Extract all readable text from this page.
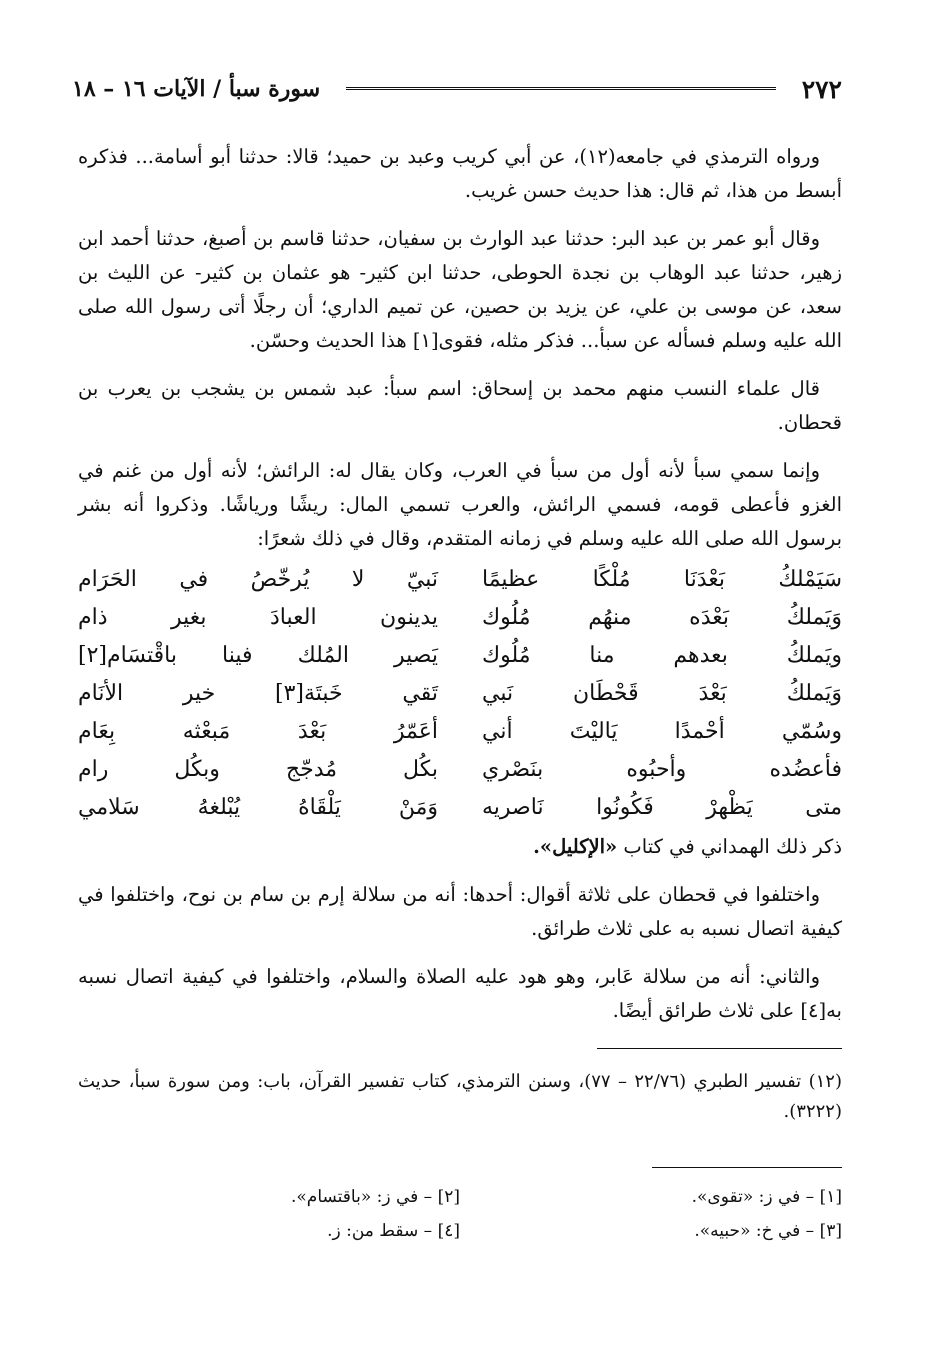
٢٧٢
سورة سبأ / الآيات ١٦ – ١٨

ورواه الترمذي في جامعه(١٢)، عن أبي كريب وعبد بن حميد؛ قالا: حدثنا أبو أسامة... فذكره أبسط من هذا، ثم قال: هذا حديث حسن غريب.

وقال أبو عمر بن عبد البر: حدثنا عبد الوارث بن سفيان، حدثنا قاسم بن أصبغ، حدثنا أحمد ابن زهير، حدثنا عبد الوهاب بن نجدة الحوطى، حدثنا ابن كثير- هو عثمان بن كثير- عن الليث بن سعد، عن موسى بن علي، عن يزيد بن حصين، عن تميم الداري؛ أن رجلًا أتى رسول الله صلى الله عليه وسلم فسأله عن سبأ... فذكر مثله، فقوى[١] هذا الحديث وحسّن.

قال علماء النسب منهم محمد بن إسحاق: اسم سبأ: عبد شمس بن يشجب بن يعرب بن قحطان.

وإنما سمي سبأ لأنه أول من سبأ في العرب، وكان يقال له: الرائش؛ لأنه أول من غنم في الغزو فأعطى قومه، فسمي الرائش، والعرب تسمي المال: ريشًا ورياشًا. وذكروا أنه بشر برسول الله صلى الله عليه وسلم في زمانه المتقدم، وقال في ذلك شعرًا:

سَيَمْلكُ بَعْدَنَا مُلْكًا عظيمًا
نَبيّ لا يُرخّصُ في الحَرَام
وَيَملكُ بَعْدَه منهُم مُلُوك
يدينون العبادَ بغير ذام
ويَملكُ بعدهم منا مُلُوك
يَصير المُلك فينا باقْتسَام[٢]
وَيَملكُ بَعْدَ قَحْطَان نَبي
تَقي خَبتَة[٣] خير الأنَام
وسُمّي أحْمدًا يَاليْتَ أني
أعَمّرُ بَعْدَ مَبعْثه بِعَام
فأعضُده وأحبُوه بنَصْري
بكُل مُدجّج وبكُل رام
متى يَظْهرْ فَكُونُوا نَاصريه
وَمَنْ يَلْقَاهُ يُبْلغهُ سَلامي

ذكر ذلك الهمداني في كتاب «الإكليل».

واختلفوا في قحطان على ثلاثة أقوال: أحدها: أنه من سلالة إرم بن سام بن نوح، واختلفوا في كيفية اتصال نسبه به على ثلاث طرائق.

والثاني: أنه من سلالة عَابر، وهو هود عليه الصلاة والسلام، واختلفوا في كيفية اتصال نسبه به[٤] على ثلاث طرائق أيضًا.

(١٢) تفسير الطبري (٢٢/٧٦ – ٧٧)، وسنن الترمذي، كتاب تفسير القرآن، باب: ومن سورة سبأ، حديث (٣٢٢٢).

[١] – في ز: «تقوى».
[٢] – في ز: «باقتسام».
[٣] – في خ: «حبيه».
[٤] – سقط من: ز.
